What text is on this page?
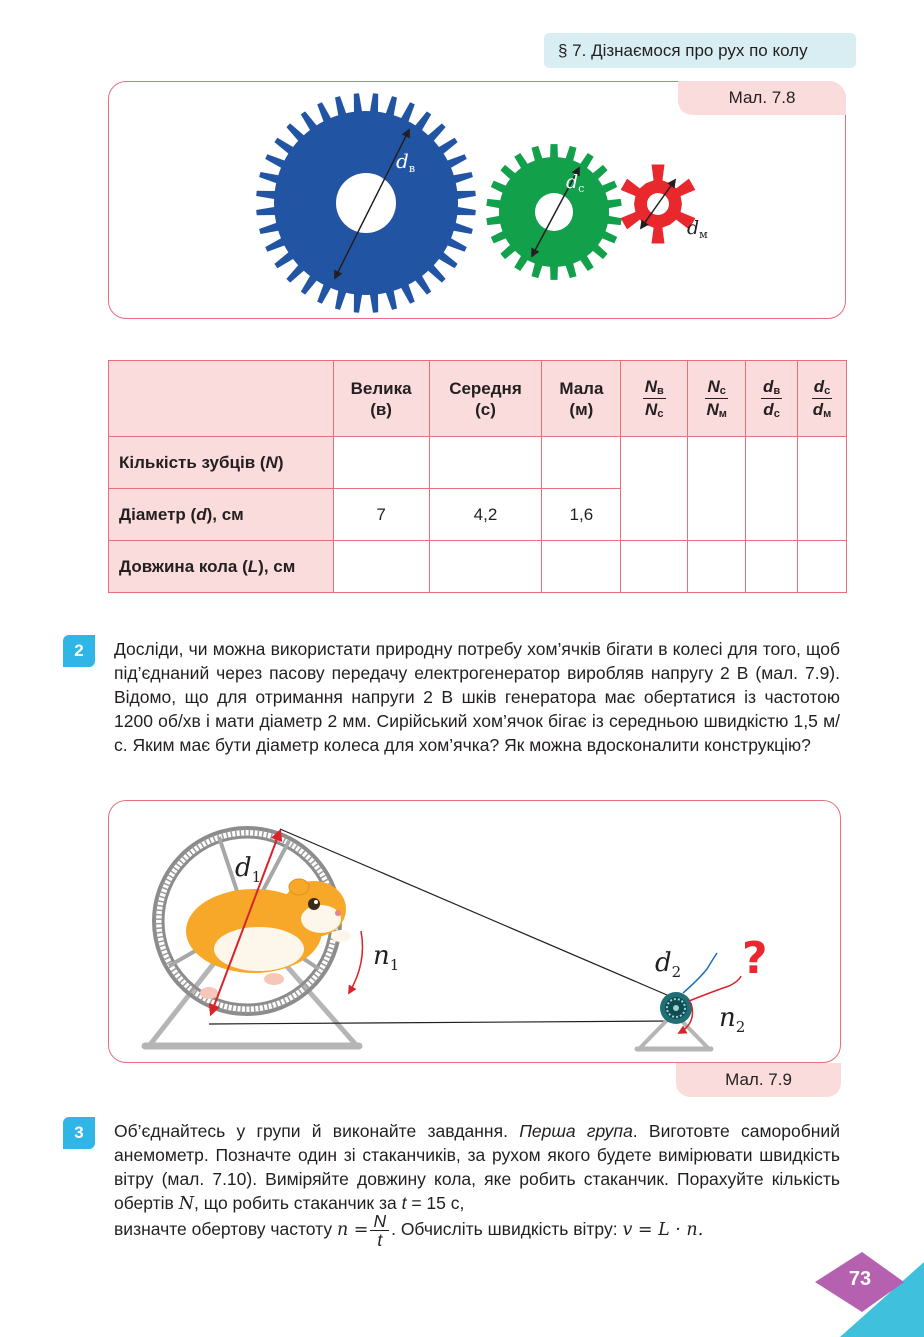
73
§ 7. Дізнаємося про рух по колу
$d_в$
$d_с$
$d_м$
Мал. 7.8
	Велика
(в)	Середня
(с)	Мала
(м)	$\frac{N_в}{N_с}$	$\frac{N_с}{N_м}$	$\frac{d_в}{d_с}$	$\frac{d_с}{d_м}$

Кількість зубців (N)							
Діаметр (d), см	7	4,2	1,6				
Довжина кола (L), см							
2	Досліди, чи можна використати природну потребу хом’ячків бігати в колесі для того, щоб під’єднаний через пасову передачу електрогенератор виробляв напругу 2 В (мал. 7.9). Відомо, що для отримання напруги 2 В шків генератора має обертатися із частотою 1200 об/хв і мати діаметр 2 мм. Сирійський хом’ячок бігає із середньою швидкістю 1,5 м/с. Яким має бути діаметр колеса для хом’ячка? Як можна вдосконалити конструкцію?
$d_1$
$n_1$	$d_2$
$n_2$
?
Мал. 7.9
3	Об’єднайтесь у групи й виконайте завдання. Перша група. Виготовте саморобний анемометр. Позначте один зі стаканчиків, за рухом якого будете вимірювати швидкість вітру (мал. 7.10). Виміряйте довжину кола, яке робить стаканчик. Порахуйте кількість обертів N, що робить стаканчик за t = 15 с,
визначте обертову частоту $n = \frac{N}{t}$ . Обчисліть швидкість вітру: v = L · n.
